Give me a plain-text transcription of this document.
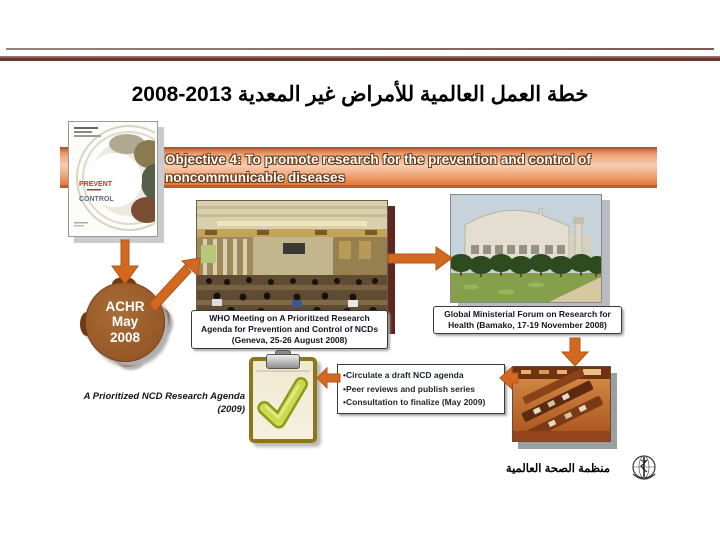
خطة العمل العالمية للأمراض غير المعدية 2013-2008
Objective 4: To promote research for the prevention and control of noncommunicable diseases
PREVENT
CONTROL
ACHR
May
2008
WHO Meeting on A Prioritized Research Agenda for Prevention and Control of NCDs (Geneva, 25-26 August 2008)
Global Ministerial Forum on Research for Health (Bamako, 17-19 November 2008)
A Prioritized NCD Research Agenda (2009)
• Circulate a draft NCD agenda
• Peer reviews and publish series
• Consultation to finalize (May 2009)
منظمة الصحة العالمية
